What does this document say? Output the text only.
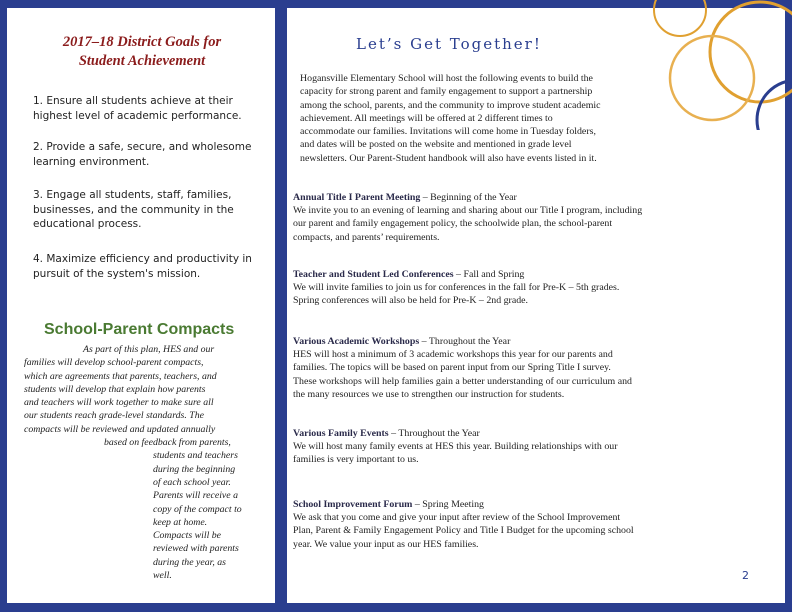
2017–18 District Goals for
Student Achievement
1. Ensure all students achieve at their highest level of academic performance.
2. Provide a safe, secure, and wholesome learning environment.
3. Engage all students, staff, families, businesses, and the community in the educational process.
4. Maximize efficiency and productivity in pursuit of the system's mission.
School-Parent Compacts
As part of this plan, HES and our
families will develop school-parent compacts,
which are agreements that parents, teachers, and
students will develop that explain how parents
and teachers will work together to make sure all
our students reach grade-level standards. The
compacts will be reviewed and updated annually
based on feedback from parents,
students and teachers
during the beginning
of each school year.
Parents will receive a
copy of the compact to
keep at home.
Compacts will be
reviewed with parents
during the year, as
well.
Let’s Get Together!
Hogansville Elementary School will host the following events to build the
capacity for strong parent and family engagement to support a partnership
among the school, parents, and the community to improve student academic
achievement. All meetings will be offered at 2 different times to
accommodate our families. Invitations will come home in Tuesday folders,
and dates will be posted on the website and mentioned in grade level
newsletters. Our Parent-Student handbook will also have events listed in it.
Annual Title I Parent Meeting – Beginning of the Year
We invite you to an evening of learning and sharing about our Title I program, including
our parent and family engagement policy, the schoolwide plan, the school-parent
compacts, and parents’ requirements.
Teacher and Student Led Conferences – Fall and Spring
We will invite families to join us for conferences in the fall for Pre-K – 5th grades.
Spring conferences will also be held for Pre-K – 2nd grade.
Various Academic Workshops – Throughout the Year
HES will host a minimum of 3 academic workshops this year for our parents and
families. The topics will be based on parent input from our Spring Title I survey.
These workshops will help families gain a better understanding of our curriculum and
the many resources we use to strengthen our instruction for students.
Various Family Events – Throughout the Year
We will host many family events at HES this year. Building relationships with our
families is very important to us.
School Improvement Forum – Spring Meeting
We ask that you come and give your input after review of the School Improvement
Plan, Parent & Family Engagement Policy and Title I Budget for the upcoming school
year. We value your input as our HES families.
2
